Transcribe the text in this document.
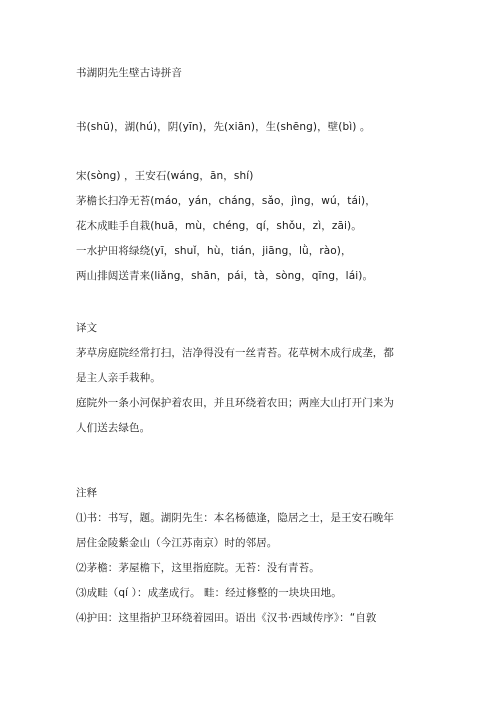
书湖阴先生壁古诗拼音
书(shū)，湖(hú)，阴(yīn)，先(xiān)，生(shēng)，壁(bì) 。
宋(sòng) ，王安石(wáng，ān，shí)
茅檐长扫净无苔(máo，yán，cháng，sǎo，jìng，wú，tái)，
花木成畦手自栽(huā，mù，chéng，qí，shǒu，zì，zāi)。
一水护田将绿绕(yī，shuǐ，hù，tián，jiāng，lǜ，rào)，
两山排闼送青来(liǎng，shān，pái，tà，sòng，qīng，lái)。
译文
茅草房庭院经常打扫，洁净得没有一丝青苔。花草树木成行成垄，都
是主人亲手栽种。
庭院外一条小河保护着农田，并且环绕着农田；两座大山打开门来为
人们送去绿色。
注释
⑴书：书写，题。湖阴先生：本名杨德逢，隐居之士，是王安石晚年
居住金陵紫金山（今江苏南京）时的邻居。
⑵茅檐：茅屋檐下，这里指庭院。无苔：没有青苔。
⑶成畦（qí ）：成垄成行。 畦：经过修整的一块块田地。
⑷护田：这里指护卫环绕着园田。语出《汉书·西域传序》：“自敦
